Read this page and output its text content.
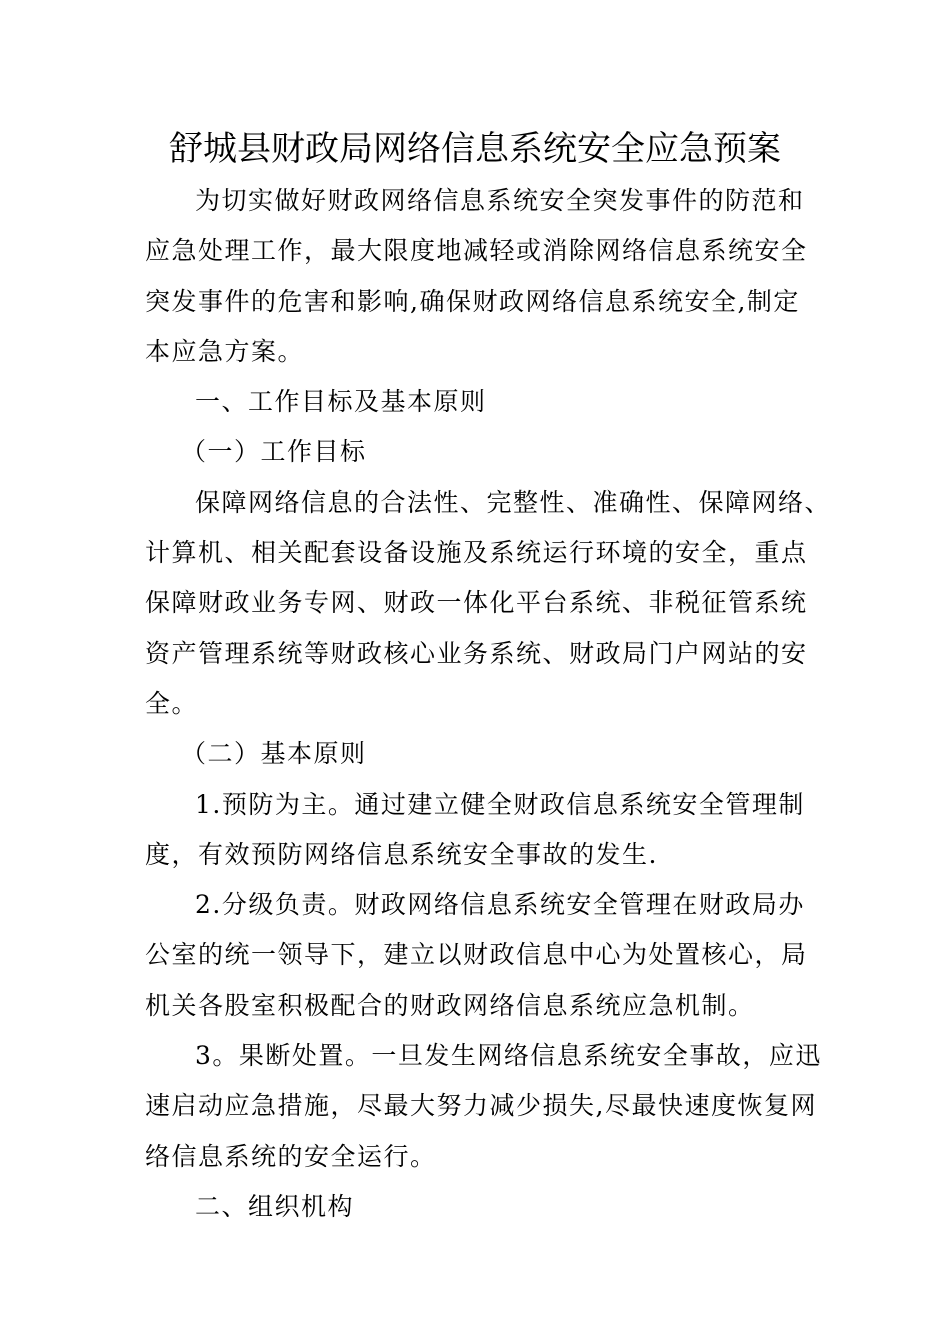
舒城县财政局网络信息系统安全应急预案
为切实做好财政网络信息系统安全突发事件的防范和
应急处理工作，最大限度地减轻或消除网络信息系统安全
突发事件的危害和影响,确保财政网络信息系统安全,制定
本应急方案。
一、工作目标及基本原则
（一）工作目标
保障网络信息的合法性、完整性、准确性、保障网络、
计算机、相关配套设备设施及系统运行环境的安全，重点
保障财政业务专网、财政一体化平台系统、非税征管系统
资产管理系统等财政核心业务系统、财政局门户网站的安
全。
（二）基本原则
1.预防为主。通过建立健全财政信息系统安全管理制
度，有效预防网络信息系统安全事故的发生.
2.分级负责。财政网络信息系统安全管理在财政局办
公室的统一领导下，建立以财政信息中心为处置核心，局
机关各股室积极配合的财政网络信息系统应急机制。
3。果断处置。一旦发生网络信息系统安全事故，应迅
速启动应急措施，尽最大努力减少损失,尽最快速度恢复网
络信息系统的安全运行。
二、组织机构
